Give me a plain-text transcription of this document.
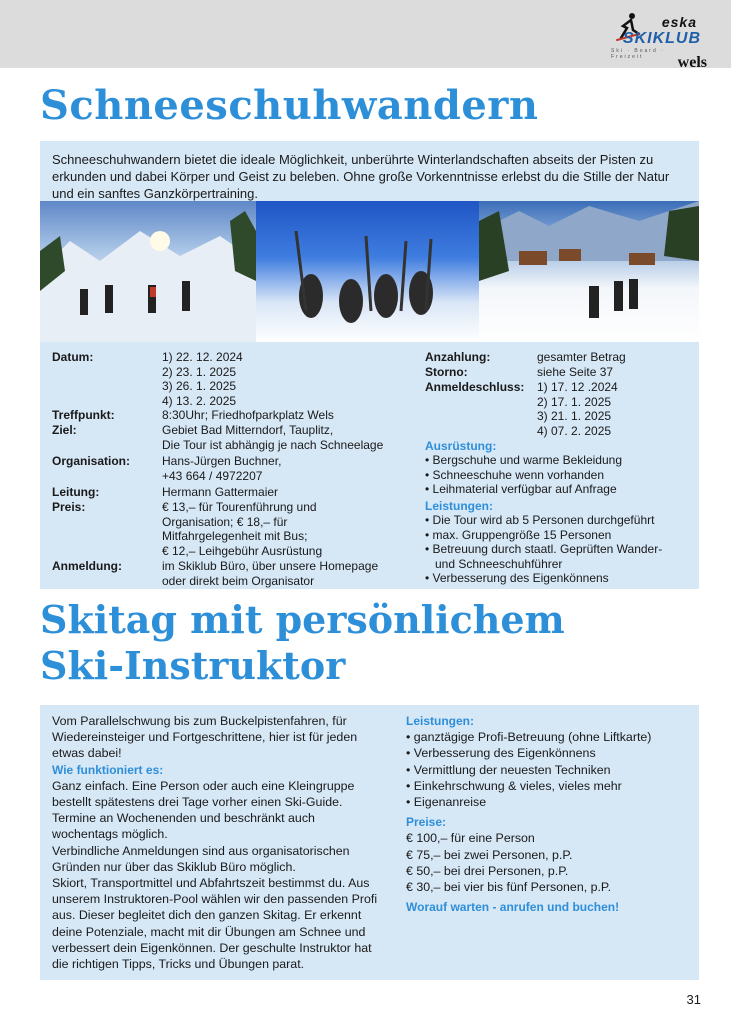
eska
SKIKLUB
Ski · Board · Freizeit	wels
Schneeschuhwandern
Schneeschuhwandern bietet die ideale Möglichkeit, unberührte Winterlandschaften abseits der Pisten zu
erkunden und dabei Körper und Geist zu beleben. Ohne große Vorkenntnisse erlebst du die Stille der Natur
und ein sanftes Ganzkörpertraining.
Datum:	1) 22. 12. 2024
2) 23. 1. 2025
3) 26. 1. 2025
4) 13. 2. 2025
Treffpunkt:	8:30Uhr; Friedhofparkplatz Wels
Ziel:	Gebiet Bad Mitterndorf, Tauplitz,
Die Tour ist abhängig je nach Schneelage
Organisation:	Hans-Jürgen Buchner,
+43 664 / 4972207
Leitung:	Hermann Gattermaier
Preis:	€ 13,– für Tourenführung und
Organisation; € 18,– für
Mitfahrgelegenheit mit Bus;
€ 12,– Leihgebühr Ausrüstung
Anmeldung:	im Skiklub Büro, über unsere Homepage
oder direkt beim Organisator
Anzahlung:	gesamter Betrag
Storno:	siehe Seite 37
Anmeldeschluss: 1) 17. 12 .2024
2) 17. 1. 2025
3) 21. 1. 2025
4) 07. 2. 2025
Ausrüstung:
• Bergschuhe und warme Bekleidung
• Schneeschuhe wenn vorhanden
• Leihmaterial verfügbar auf Anfrage
Leistungen:
• Die Tour wird ab 5 Personen durchgeführt
• max. Gruppengröße 15 Personen
• Betreuung durch staatl. Geprüften Wander-
und Schneeschuhführer
• Verbesserung des Eigenkönnens
Skitag mit persönlichem
Ski-Instruktor
Vom Parallelschwung bis zum Buckelpistenfahren, für
Wiedereinsteiger und Fortgeschrittene, hier ist für jeden
etwas dabei!
Wie funktioniert es:
Ganz einfach. Eine Person oder auch eine Kleingruppe
bestellt spätestens drei Tage vorher einen Ski-Guide.
Termine an Wochenenden und beschränkt auch
wochentags möglich.
Verbindliche Anmeldungen sind aus organisatorischen
Gründen nur über das Skiklub Büro möglich.
Skiort, Transportmittel und Abfahrtszeit bestimmst du. Aus
unserem Instruktoren-Pool wählen wir den passenden Profi
aus. Dieser begleitet dich den ganzen Skitag. Er erkennt
deine Potenziale, macht mit dir Übungen am Schnee und
verbessert dein Eigenkönnen. Der geschulte Instruktor hat
die richtigen Tipps, Tricks und Übungen parat.
Leistungen:
• ganztägige Profi-Betreuung (ohne Liftkarte)
• Verbesserung des Eigenkönnens
• Vermittlung der neuesten Techniken
• Einkehrschwung & vieles, vieles mehr
• Eigenanreise
Preise:
€ 100,– für eine Person
€ 75,– bei zwei Personen, p.P.
€ 50,– bei drei Personen, p.P.
€ 30,– bei vier bis fünf Personen, p.P.
Worauf warten - anrufen und buchen!
31
